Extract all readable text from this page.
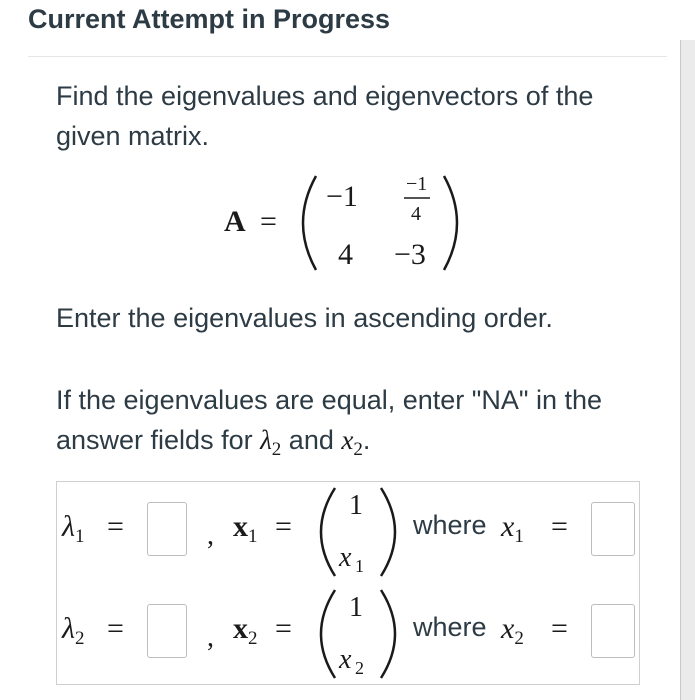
Current Attempt in Progress
Find the eigenvalues and eigenvectors of the given matrix.
A =
−1 −1
4
4 −3
Enter the eigenvalues in ascending order.
If the eigenvalues are equal, enter "NA" in the
answer fields for $\lambda_2$ and $x_2$.
$\lambda_1$ =	, $x_1$ =
1
x 1
where $x_1$ =
$\lambda_2$ =	, $x_2$ =
1
x 2
where $x_2$ =
